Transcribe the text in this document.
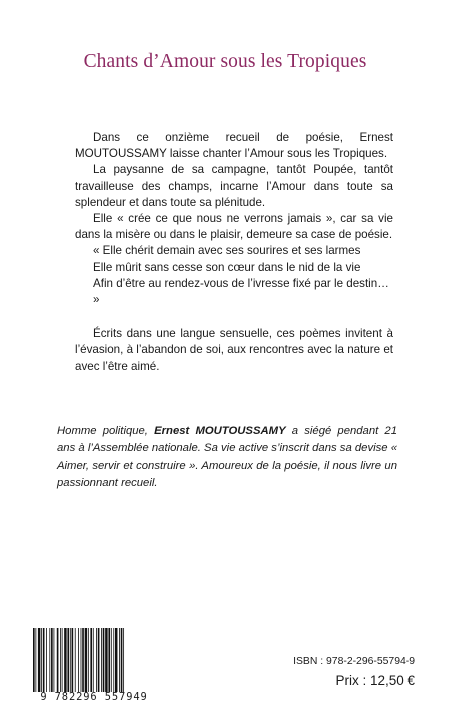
Chants d’Amour sous les Tropiques

Dans ce onzième recueil de poésie, Ernest MOUTOUSSAMY laisse chanter l’Amour sous les Tropiques.

La paysanne de sa campagne, tantôt Poupée, tantôt travailleuse des champs, incarne l’Amour dans toute sa splendeur et dans toute sa plénitude.

Elle « crée ce que nous ne verrons jamais », car sa vie dans la misère ou dans le plaisir, demeure sa case de poésie.

« Elle chérit demain avec ses sourires et ses larmes

Elle mûrit sans cesse son cœur dans le nid de la vie

Afin d’être au rendez-vous de l’ivresse fixé par le destin… »

Écrits dans une langue sensuelle, ces poèmes invitent à l’évasion, à l’abandon de soi, aux rencontres avec la nature et avec l’être aimé.

Homme politique, Ernest MOUTOUSSAMY a siégé pendant 21 ans à l’Assemblée nationale. Sa vie active s’inscrit dans sa devise « Aimer, servir et construire ». Amoureux de la poésie, il nous livre un passionnant recueil.
9 782296 557949
ISBN : 978-2-296-55794-9
Prix : 12,50 €
